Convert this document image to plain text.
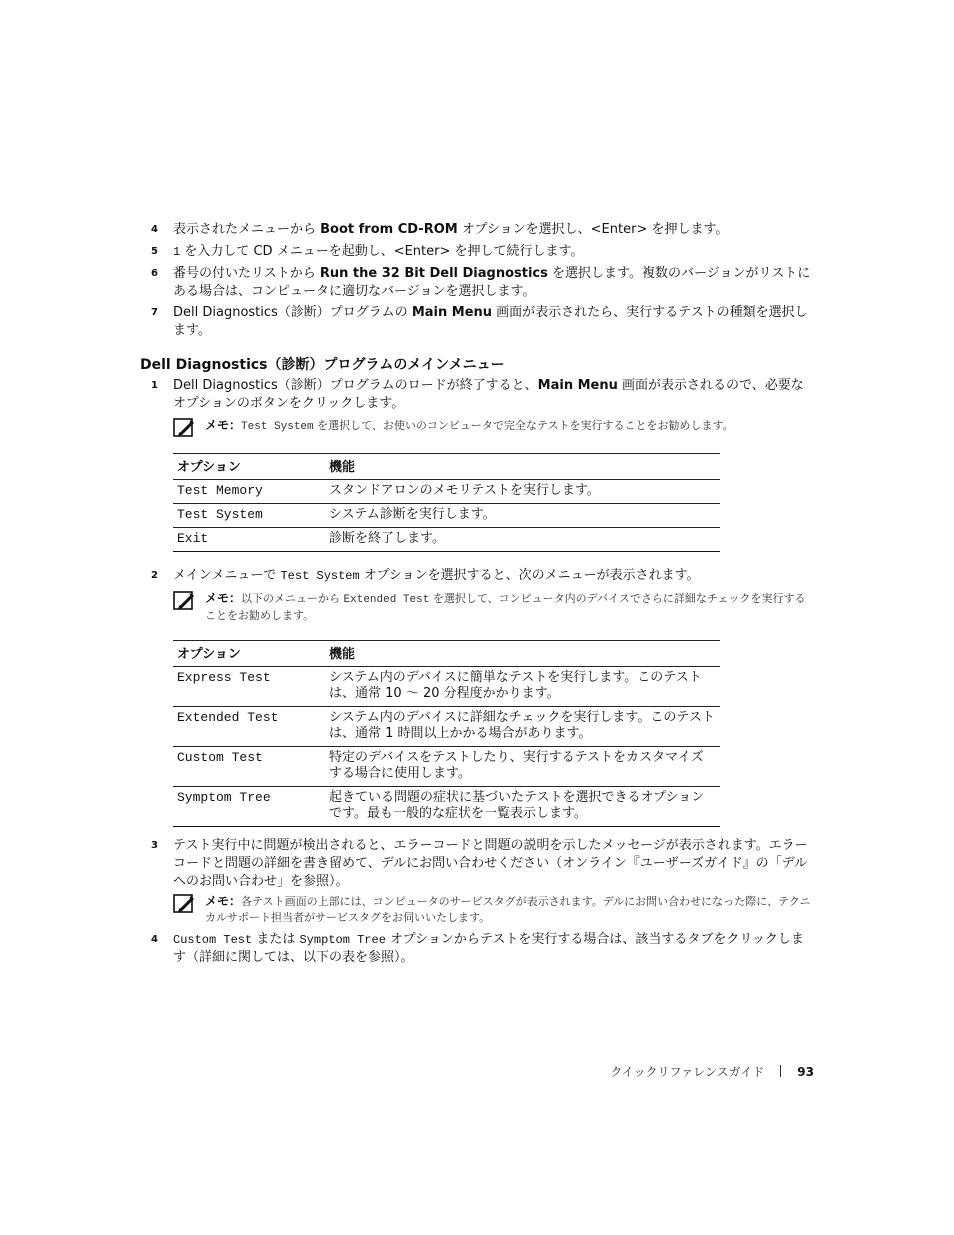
4 表示されたメニューから Boot from CD-ROM オプションを選択し、<Enter> を押します。
5 1 を入力して CD メニューを起動し、<Enter> を押して続行します。
6 番号の付いたリストから Run the 32 Bit Dell Diagnostics を選択します。複数のバージョンがリストにある場合は、コンピュータに適切なバージョンを選択します。
7 Dell Diagnostics（診断）プログラムの Main Menu 画面が表示されたら、実行するテストの種類を選択します。
Dell Diagnostics（診断）プログラムのメインメニュー
1 Dell Diagnostics（診断）プログラムのロードが終了すると、Main Menu 画面が表示されるので、必要なオプションのボタンをクリックします。
メモ：Test System を選択して、お使いのコンピュータで完全なテストを実行することをお勧めします。
オプション	機能
Test Memory	スタンドアロンのメモリテストを実行します。
Test System	システム診断を実行します。
Exit	診断を終了します。
2 メインメニューで Test System オプションを選択すると、次のメニューが表示されます。
メモ：以下のメニューから Extended Test を選択して、コンピュータ内のデバイスでさらに詳細なチェックを実行することをお勧めします。
オプション	機能
Express Test	システム内のデバイスに簡単なテストを実行します。このテストは、通常 10 ～ 20 分程度かかります。
Extended Test	システム内のデバイスに詳細なチェックを実行します。このテストは、通常 1 時間以上かかる場合があります。
Custom Test	特定のデバイスをテストしたり、実行するテストをカスタマイズする場合に使用します。
Symptom Tree	起きている問題の症状に基づいたテストを選択できるオプションです。最も一般的な症状を一覧表示します。
3 テスト実行中に問題が検出されると、エラーコードと問題の説明を示したメッセージが表示されます。エラーコードと問題の詳細を書き留めて、デルにお問い合わせください（オンライン『ユーザーズガイド』の「デルへのお問い合わせ」を参照）。
メモ：各テスト画面の上部には、コンピュータのサービスタグが表示されます。デルにお問い合わせになった際に、テクニカルサポート担当者がサービスタグをお伺いいたします。
4 Custom Test または Symptom Tree オプションからテストを実行する場合は、該当するタブをクリックします（詳細に関しては、以下の表を参照）。
クイックリファレンスガイド	93
